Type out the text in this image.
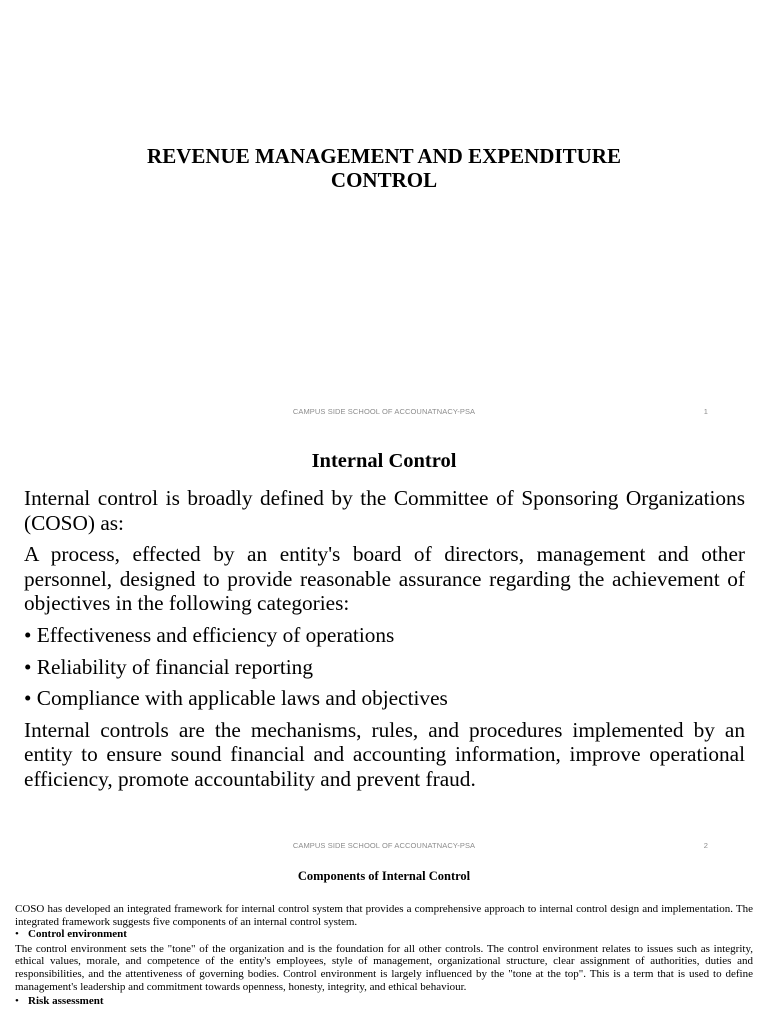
REVENUE MANAGEMENT AND EXPENDITURE
CONTROL
CAMPUS SIDE SCHOOL OF ACCOUNATNACY-PSA	1
Internal Control

Internal control is broadly defined by the Committee of Sponsoring Organizations (COSO) as:

A process, effected by an entity's board of directors, management and other personnel, designed to provide reasonable assurance regarding the achievement of objectives in the following categories:

• Effectiveness and efficiency of operations
• Reliability of financial reporting
• Compliance with applicable laws and objectives

Internal controls are the mechanisms, rules, and procedures implemented by an entity to ensure sound financial and accounting information, improve operational efficiency, promote accountability and prevent fraud.

CAMPUS SIDE SCHOOL OF ACCOUNATNACY-PSA	2
Components of Internal Control

COSO has developed an integrated framework for internal control system that provides a comprehensive approach to internal control design and implementation. The integrated framework suggests five components of an internal control system.

• Control environment

The control environment sets the "tone" of the organization and is the foundation for all other controls. The control environment relates to issues such as integrity, ethical values, morale, and competence of the entity's employees, style of management, organizational structure, clear assignment of authorities, duties and responsibilities, and the attentiveness of governing bodies. Control environment is largely influenced by the "tone at the top". This is a term that is used to define management's leadership and commitment towards openness, honesty, integrity, and ethical behaviour.

• Risk assessment
